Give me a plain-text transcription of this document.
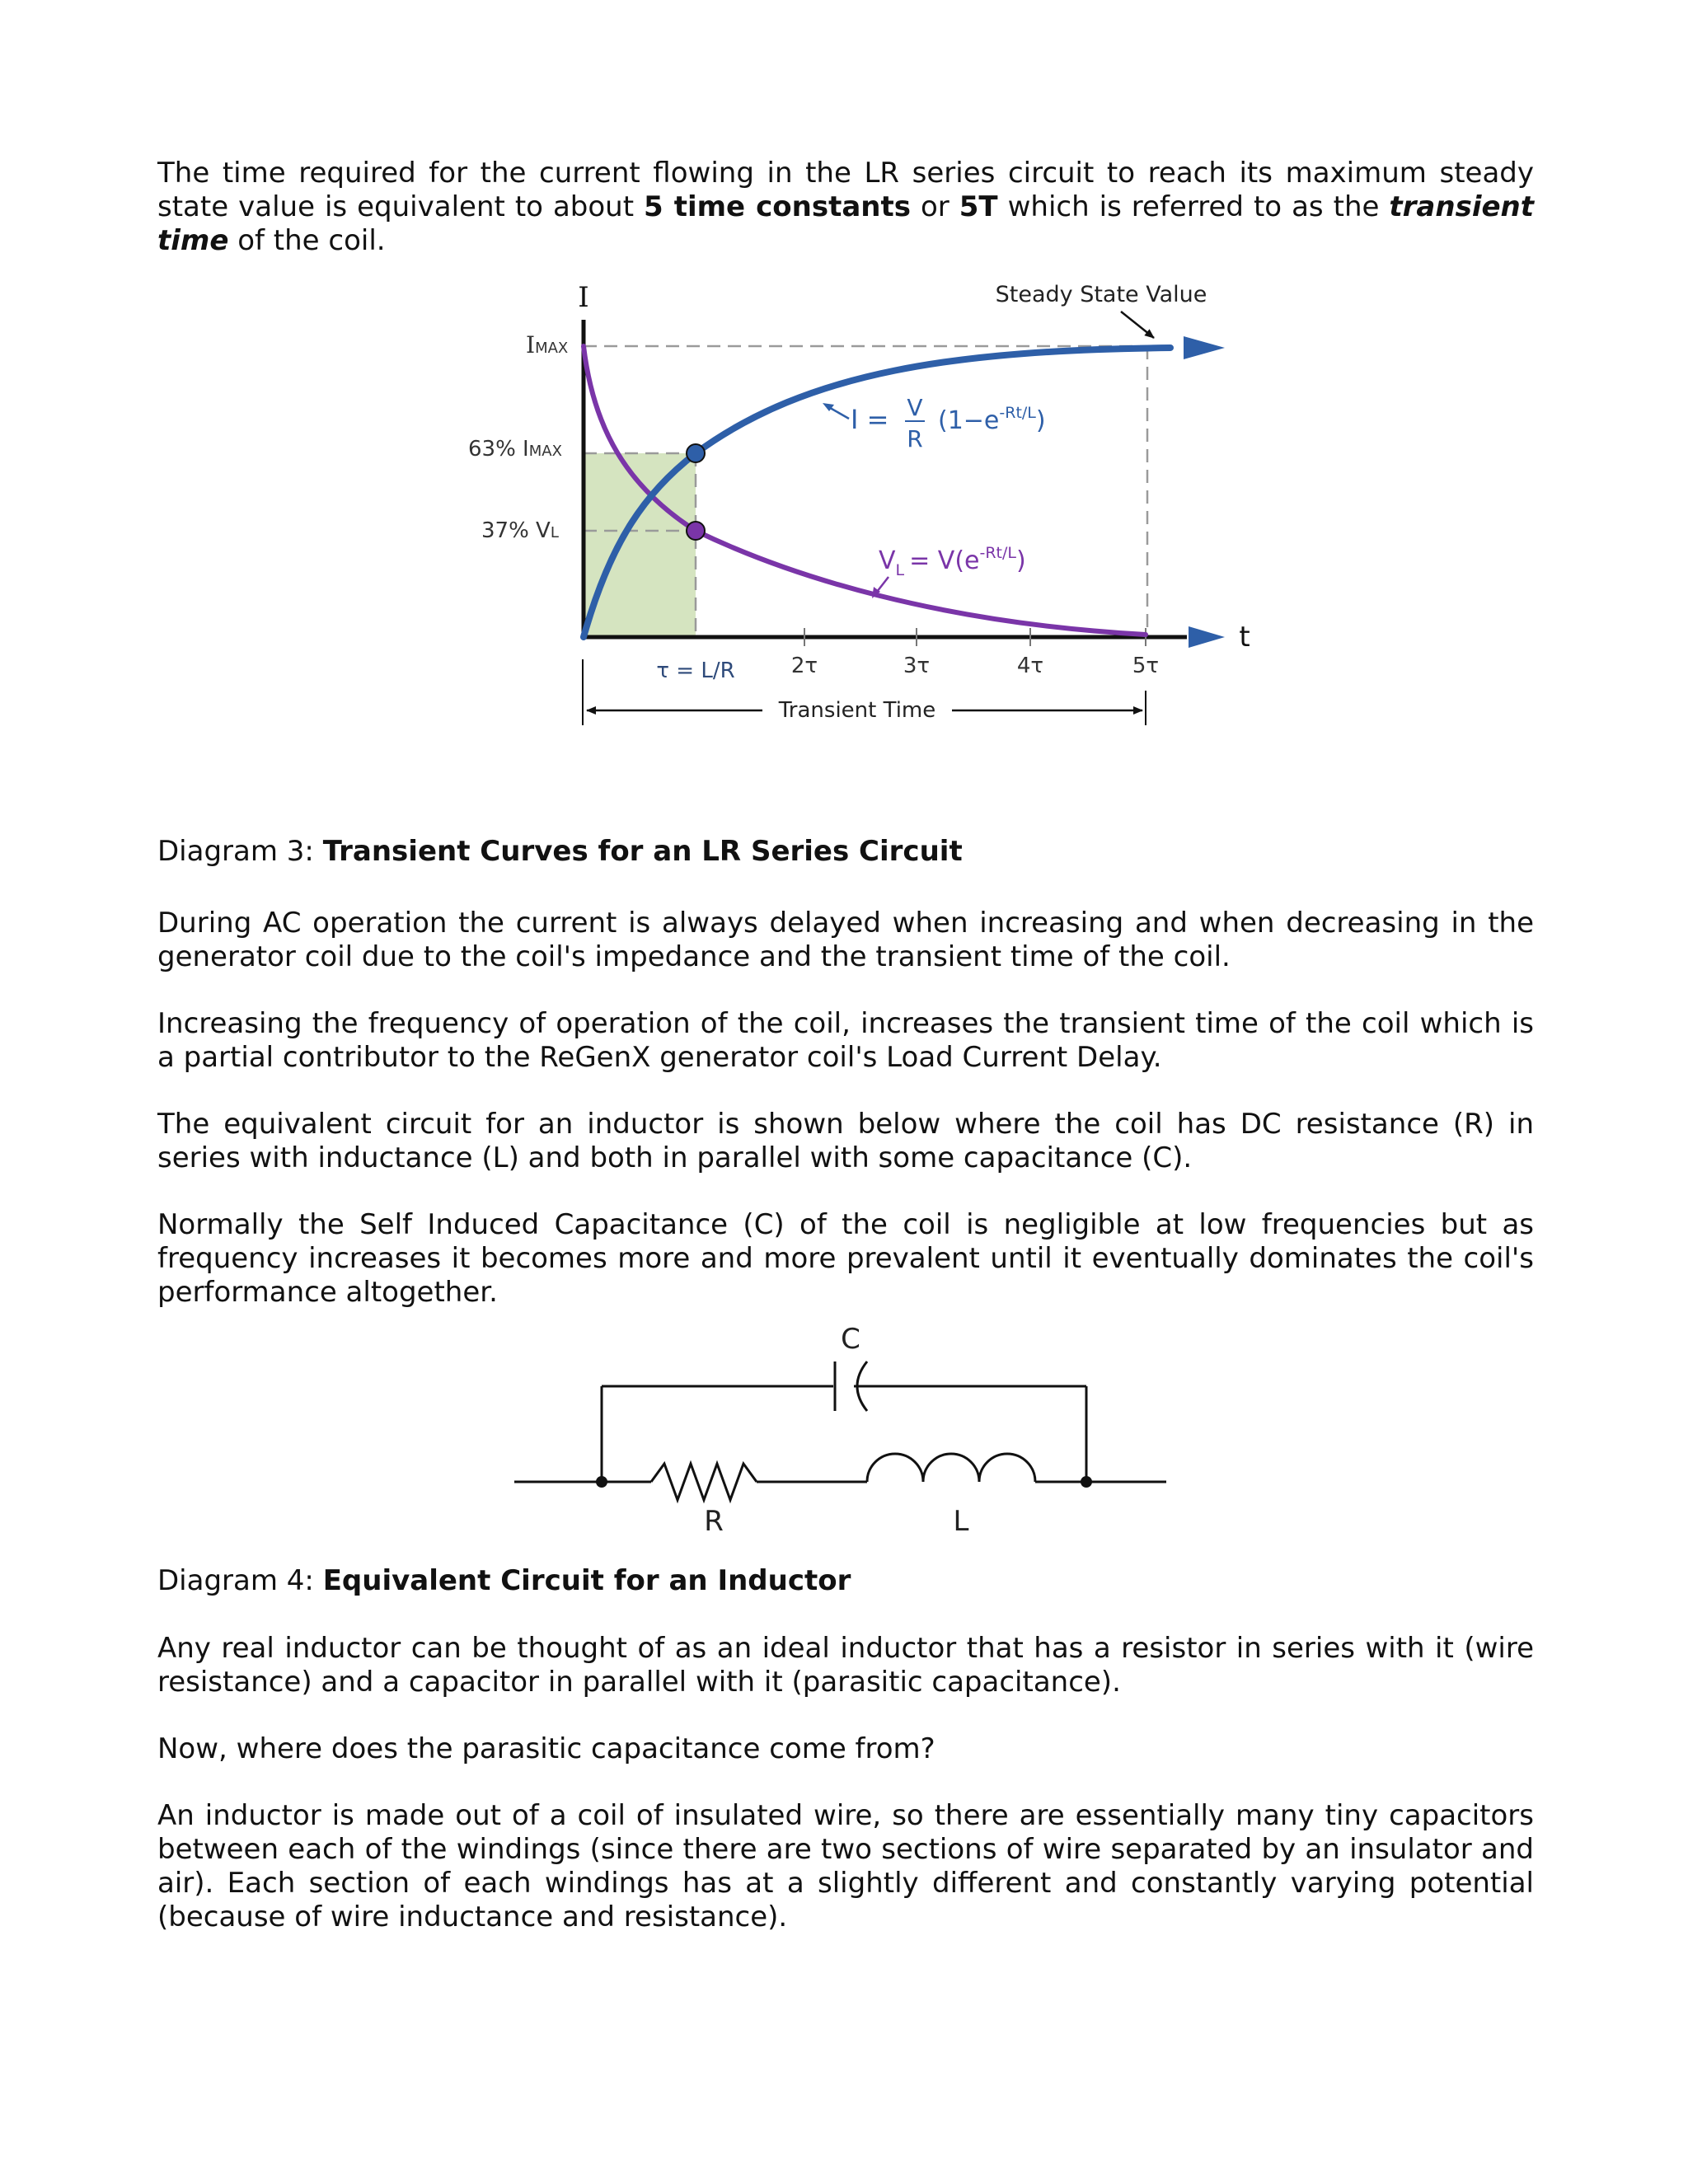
The time required for the current flowing in the LR series circuit to reach its maximum steady state value is equivalent to about 5 time constants or 5T which is referred to as the transient time of the coil.

I
t
Steady State Value
IMAX
63% IMAX
37% VL
τ = L/R	2τ	3τ	4τ	5τ
Transient Time
I = V
R
$(1-e^{-Rt/L})$
$V_L = V(e^{-Rt/L})$

Diagram 3: Transient Curves for an LR Series Circuit

During AC operation the current is always delayed when increasing and when decreasing in the generator coil due to the coil's impedance and the transient time of the coil.

Increasing the frequency of operation of the coil, increases the transient time of the coil which is a partial contributor to the ReGenX generator coil's Load Current Delay.

The equivalent circuit for an inductor is shown below where the coil has DC resistance (R) in series with inductance (L) and both in parallel with some capacitance (C).

Normally the Self Induced Capacitance (C) of the coil is negligible at low frequencies but as frequency increases it becomes more and more prevalent until it eventually dominates the coil's performance altogether.

C
R	L

Diagram 4: Equivalent Circuit for an Inductor

Any real inductor can be thought of as an ideal inductor that has a resistor in series with it (wire resistance) and a capacitor in parallel with it (parasitic capacitance).

Now, where does the parasitic capacitance come from?

An inductor is made out of a coil of insulated wire, so there are essentially many tiny capacitors between each of the windings (since there are two sections of wire separated by an insulator and air). Each section of each windings has at a slightly different and constantly varying potential (because of wire inductance and resistance).
